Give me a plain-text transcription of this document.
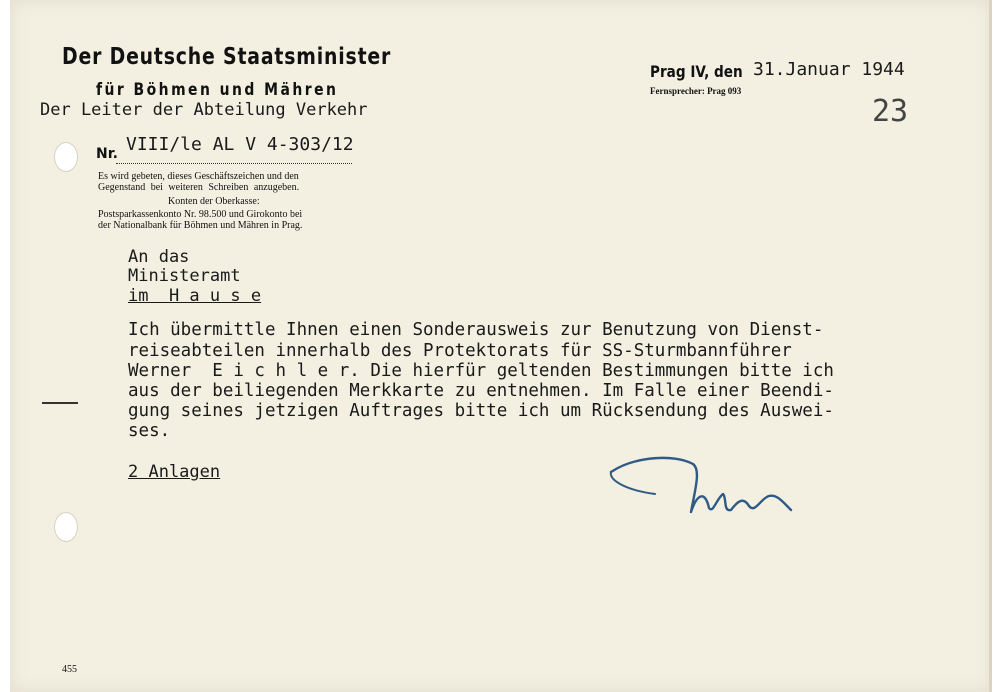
Der Deutsche Staatsminister
für Böhmen und Mähren
Der Leiter der Abteilung Verkehr
Nr. VIII/le AL V 4-303/12
Es wird gebeten, dieses Geschäftszeichen und den
Gegenstand bei weiteren Schreiben anzugeben.
Konten der Oberkasse:
Postsparkassenkonto Nr. 98.500 und Girokonto bei
der Nationalbank für Böhmen und Mähren in Prag.
Prag IV, den 31.Januar 1944
Fernsprecher: Prag 093
23
An das
Ministeramt
im  H a u s e
Ich übermittle Ihnen einen Sonderausweis zur Benutzung von Dienst-
reiseabteilen innerhalb des Protektorats für SS-Sturmbannführer
Werner  E i c h l e r. Die hierfür geltenden Bestimmungen bitte ich
aus der beiliegenden Merkkarte zu entnehmen. Im Falle einer Beendi-
gung seines jetzigen Auftrages bitte ich um Rücksendung des Auswei-
ses.
2 Anlagen
455
